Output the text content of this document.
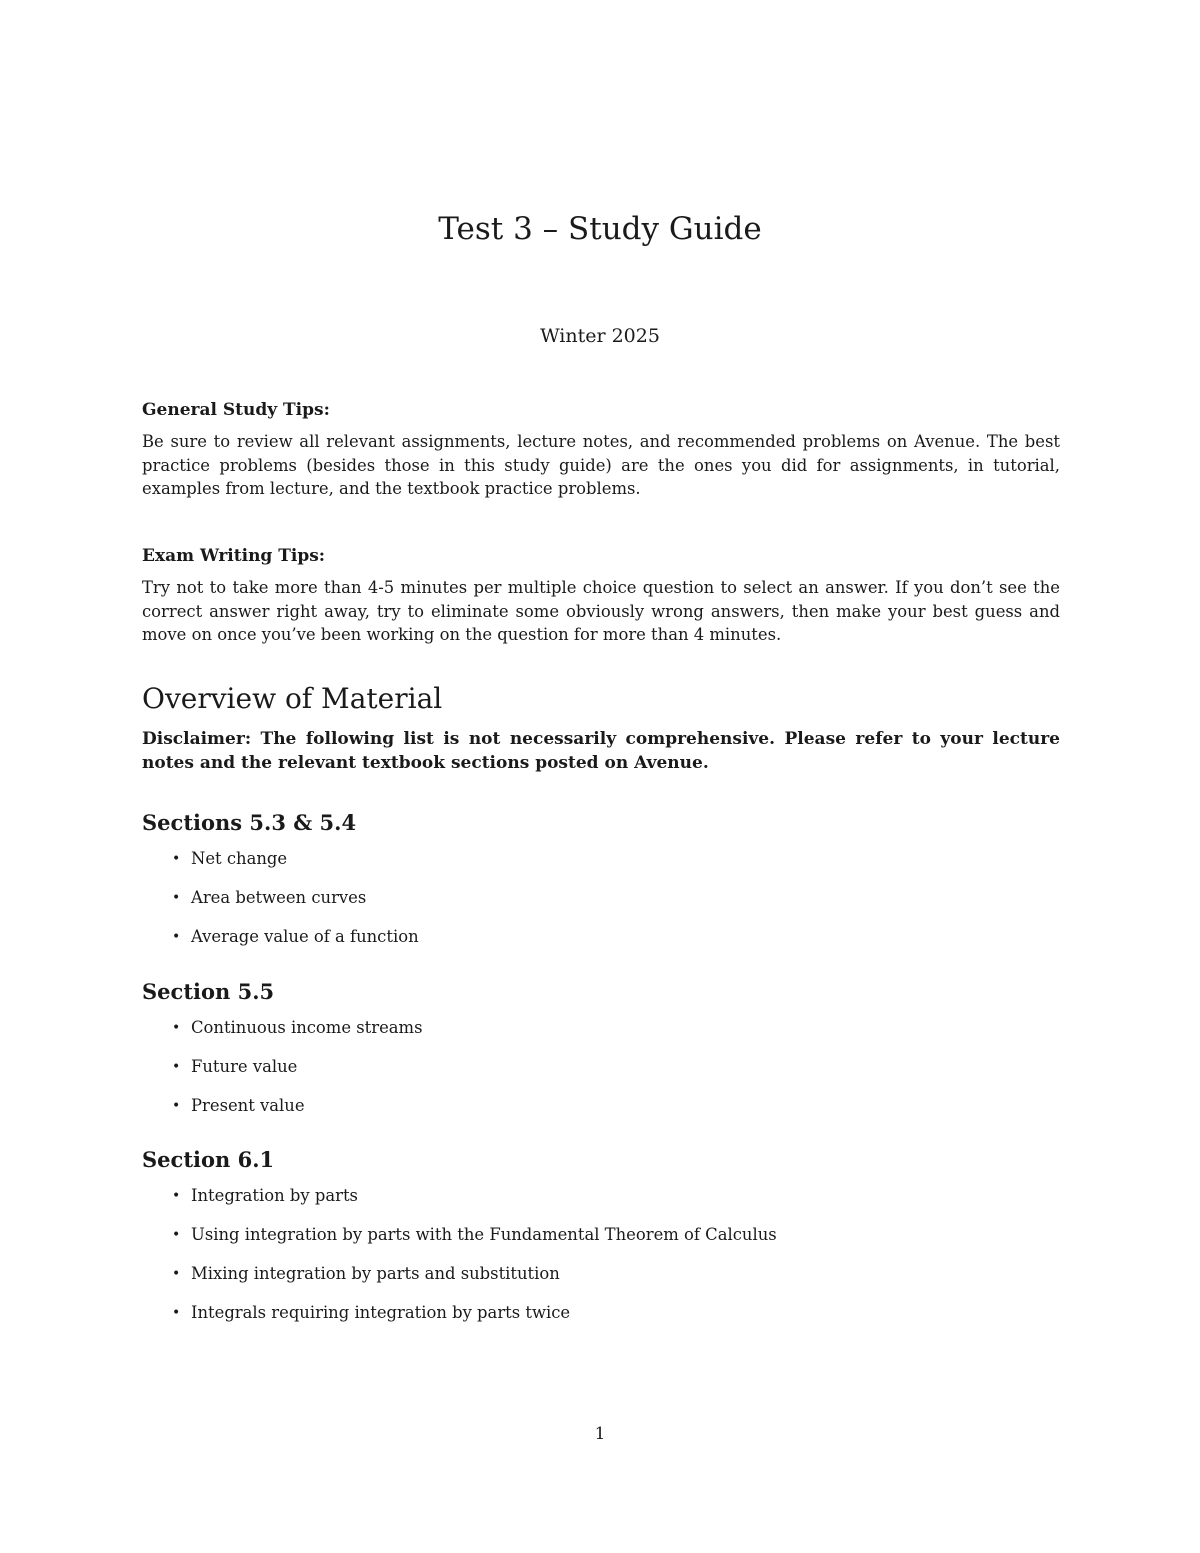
Test 3 – Study Guide
Winter 2025

General Study Tips:

Be sure to review all relevant assignments, lecture notes, and recommended problems on Avenue. The best practice problems (besides those in this study guide) are the ones you did for assignments, in tutorial, examples from lecture, and the textbook practice problems.

Exam Writing Tips:

Try not to take more than 4-5 minutes per multiple choice question to select an answer. If you don’t see the correct answer right away, try to eliminate some obviously wrong answers, then make your best guess and move on once you’ve been working on the question for more than 4 minutes.

Overview of Material

Disclaimer: The following list is not necessarily comprehensive. Please refer to your lecture notes and the relevant textbook sections posted on Avenue.

Sections 5.3 & 5.4
• Net change
• Area between curves
• Average value of a function
Section 5.5
• Continuous income streams
• Future value
• Present value
Section 6.1
• Integration by parts
• Using integration by parts with the Fundamental Theorem of Calculus
• Mixing integration by parts and substitution
• Integrals requiring integration by parts twice
1
